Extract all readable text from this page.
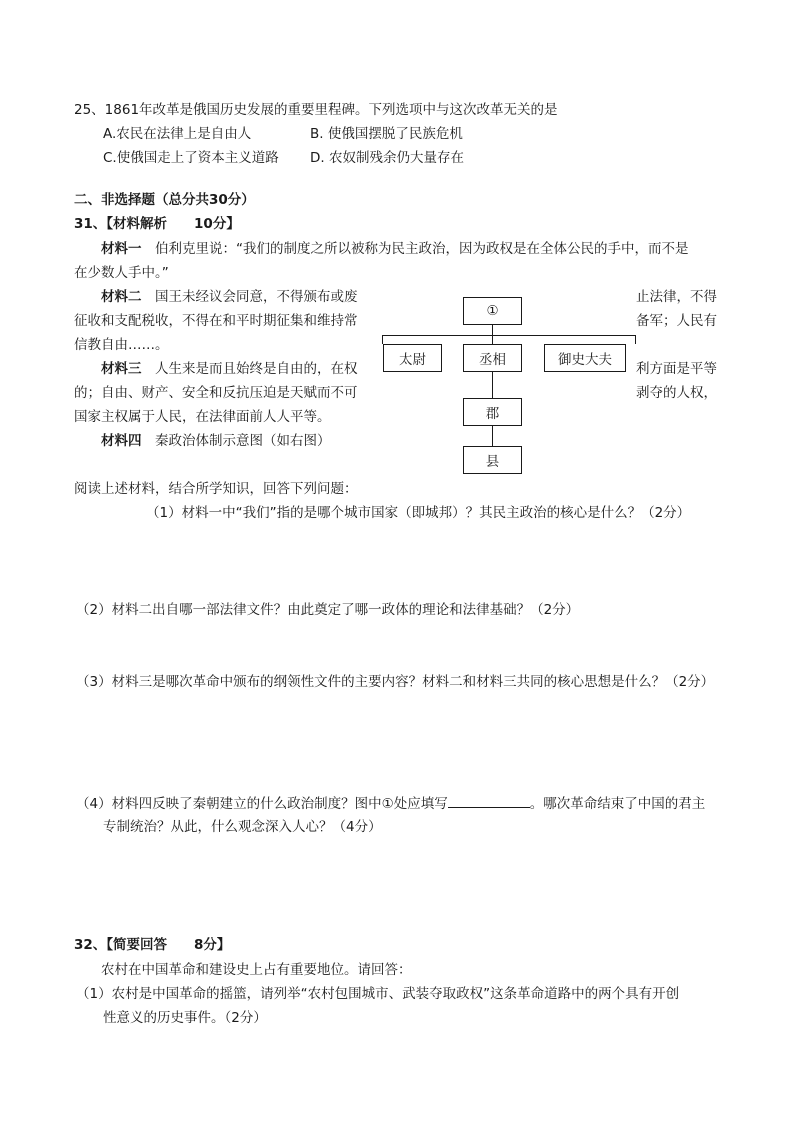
25、1861年改革是俄国历史发展的重要里程碑。下列选项中与这次改革无关的是
A.农民在法律上是自由人	B. 使俄国摆脱了民族危机
C.使俄国走上了资本主义道路 D. 农奴制残余仍大量存在
二、非选择题（总分共30分）
31、【材料解析　　10分】
材料一　伯利克里说：“我们的制度之所以被称为民主政治，因为政权是在全体公民的手中，而不是
在少数人手中。”
材料二　国王未经议会同意，不得颁布或废	止法律，不得
征收和支配税收，不得在和平时期征集和维持常	备军；人民有
信教自由……。
材料三　人生来是而且始终是自由的，在权	利方面是平等
的；自由、财产、安全和反抗压迫是天赋而不可	剥夺的人权，
国家主权属于人民，在法律面前人人平等。
材料四　秦政治体制示意图（如右图）
①
太尉	丞相	御史大夫
郡
县
阅读上述材料，结合所学知识，回答下列问题：
（1）材料一中“我们”指的是哪个城市国家（即城邦）？其民主政治的核心是什么？（2分）
（2）材料二出自哪一部法律文件？由此奠定了哪一政体的理论和法律基础？（2分）
（3）材料三是哪次革命中颁布的纲领性文件的主要内容？材料二和材料三共同的核心思想是什么？（2分）
（4）材料四反映了秦朝建立的什么政治制度？图中①处应填写	。哪次革命结束了中国的君主
专制统治？从此，什么观念深入人心？（4分）
32、【简要回答　　8分】
农村在中国革命和建设史上占有重要地位。请回答：
（1）农村是中国革命的摇篮，请列举“农村包围城市、武装夺取政权”这条革命道路中的两个具有开创
性意义的历史事件。（2分）
